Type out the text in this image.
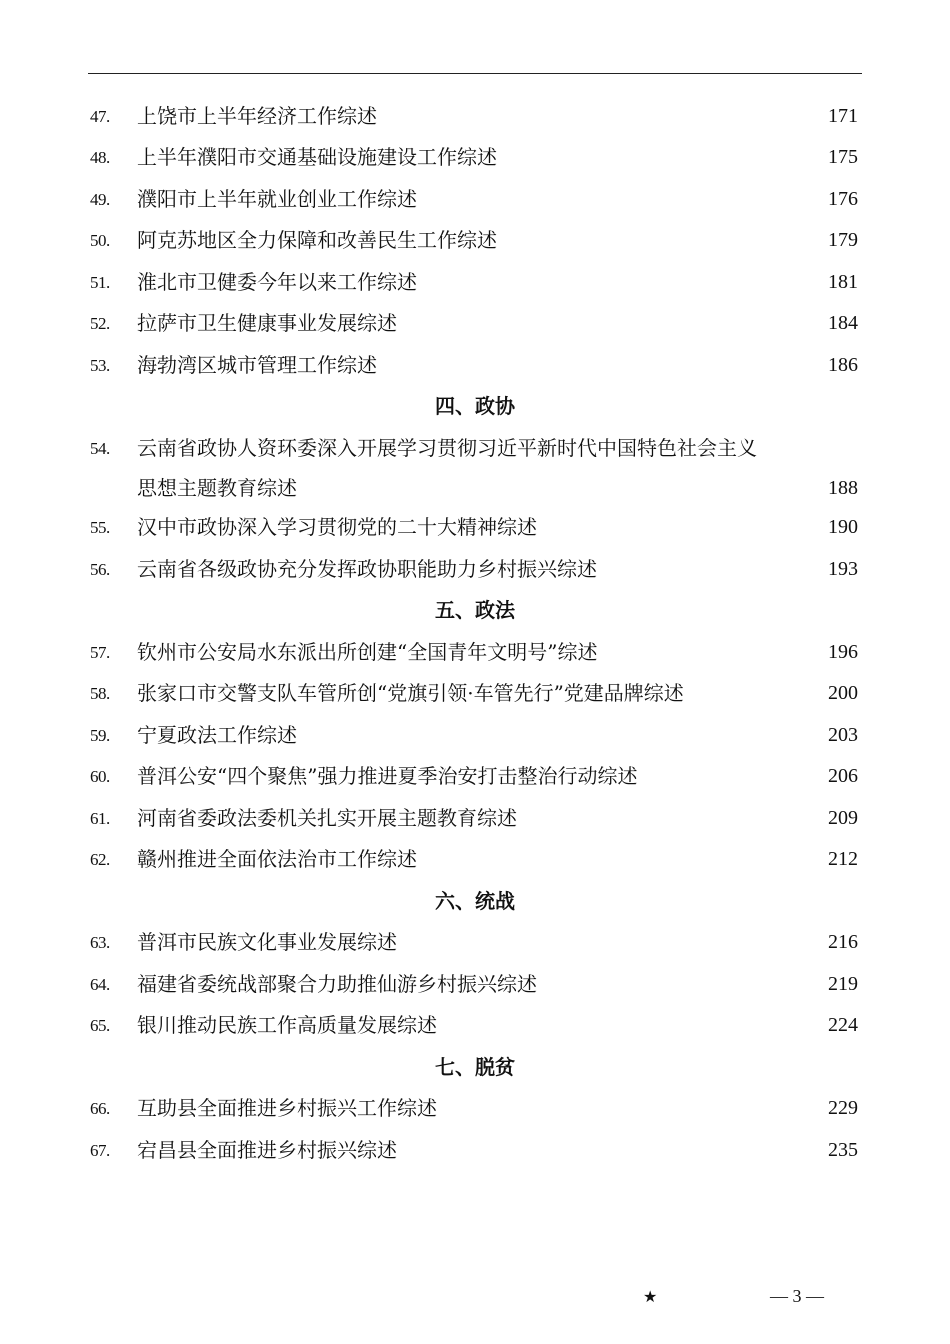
47. 上饶市上半年经济工作综述	171
48. 上半年濮阳市交通基础设施建设工作综述	175
49. 濮阳市上半年就业创业工作综述	176
50. 阿克苏地区全力保障和改善民生工作综述	179
51. 淮北市卫健委今年以来工作综述	181
52. 拉萨市卫生健康事业发展综述	184
53. 海勃湾区城市管理工作综述	186
四、政协
54. 云南省政协人资环委深入开展学习贯彻习近平新时代中国特色社会主义
思想主题教育综述	188
55. 汉中市政协深入学习贯彻党的二十大精神综述	190
56. 云南省各级政协充分发挥政协职能助力乡村振兴综述	193
五、政法
57. 钦州市公安局水东派出所创建“全国青年文明号”综述	196
58. 张家口市交警支队车管所创“党旗引领·车管先行”党建品牌综述	200
59. 宁夏政法工作综述	203
60. 普洱公安“四个聚焦”强力推进夏季治安打击整治行动综述	206
61. 河南省委政法委机关扎实开展主题教育综述	209
62. 赣州推进全面依法治市工作综述	212
六、统战
63. 普洱市民族文化事业发展综述	216
64. 福建省委统战部聚合力助推仙游乡村振兴综述	219
65. 银川推动民族工作高质量发展综述	224
七、脱贫
66. 互助县全面推进乡村振兴工作综述	229
67. 宕昌县全面推进乡村振兴综述	235
★	— 3 —
